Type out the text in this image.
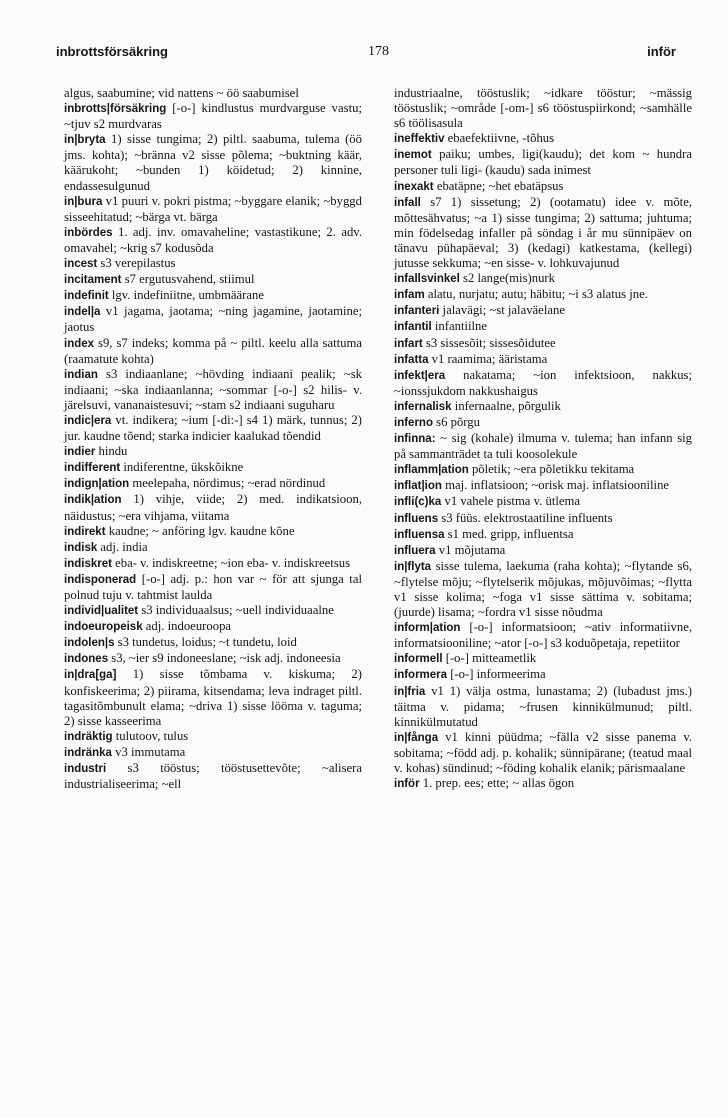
inbrottsförsäkring	178	inför

algus, saabumine; vid nattens ~ öö saabumisel

inbrotts|försäkring [-o-] kindlustus murdvarguse vastu; ~tjuv s2 murdvaras

in|bryta 1) sisse tungima; 2) piltl. saabuma, tulema (öö jms. kohta); ~bränna v2 sisse põlema; ~buktning käär, käärukoht; ~bunden 1) köidetud; 2) kinnine, endassesulgunud

in|bura v1 puuri v. pokri pistma; ~byggare elanik; ~byggd sisseehitatud; ~bärga vt. bärga

inbördes 1. adj. inv. omavaheline; vastastikune; 2. adv. omavahel; ~krig s7 kodusõda

incest s3 verepilastus

incitament s7 ergutusvahend, stiimul

indefinit lgv. indefiniitne, umbmäärane

indel|a v1 jagama, jaotama; ~ning jagamine, jaotamine; jaotus

index s9, s7 indeks; komma på ~ piltl. keelu alla sattuma (raamatute kohta)

indian s3 indiaanlane; ~hövding indiaani pealik; ~sk indiaani; ~ska indiaanlanna; ~sommar [-o-] s2 hilis- v. järelsuvi, vananaistesuvi; ~stam s2 indiaani suguharu

indic|era vt. indikera; ~ium [-di:-] s4 1) märk, tunnus; 2) jur. kaudne tõend; starka indicier kaalukad tõendid

indier hindu

indifferent indiferentne, ükskõikne

indign|ation meelepaha, nördimus; ~erad nördinud

indik|ation 1) vihje, viide; 2) med. indikatsioon, näidustus; ~era vihjama, viitama

indirekt kaudne; ~ anföring lgv. kaudne kõne

indisk adj. india

indiskret eba- v. indiskreetne; ~ion eba- v. indiskreetsus

indisponerad [-o-] adj. p.: hon var ~ för att sjunga tal polnud tuju v. tahtmist laulda

individ|ualitet s3 individuaalsus; ~uell individuaalne

indoeuropeisk adj. indoeuroopa

indolen|s s3 tundetus, loidus; ~t tundetu, loid

indones s3, ~ier s9 indoneeslane; ~isk adj. indoneesia

in|dra[ga] 1) sisse tõmbama v. kiskuma; 2) konfiskeerima; 2) piirama, kitsendama; leva indraget piltl. tagasitõmbunult elama; ~driva 1) sisse lööma v. taguma; 2) sisse kasseerima

indräktig tulutoov, tulus

indränka v3 immutama

industri s3 tööstus; tööstusettevõte; ~alisera industrialiseerima; ~ell

industriaalne, tööstuslik; ~idkare tööstur; ~mässig tööstuslik; ~område [-om-] s6 tööstuspiirkond; ~samhälle s6 töölisasula

ineffektiv ebaefektiivne, -tõhus

inemot paiku; umbes, ligi(kaudu); det kom ~ hundra personer tuli ligi- (kaudu) sada inimest

inexakt ebatäpne; ~het ebatäpsus

infall s7 1) sissetung; 2) (ootamatu) idee v. mõte, mõttesähvatus; ~a 1) sisse tungima; 2) sattuma; juhtuma; min födelsedag infaller på söndag i år mu sünnipäev on tänavu pühapäeval; 3) (kedagi) katkestama, (kellegi) jutusse sekkuma; ~en sisse- v. lohkuvajunud

infallsvinkel s2 lange(mis)nurk

infam alatu, nurjatu; autu; häbitu; ~i s3 alatus jne.

infanteri jalavägi; ~st jalaväelane

infantil infantiilne

infart s3 sissesõit; sissesõidutee

infatta v1 raamima; ääristama

infekt|era nakatama; ~ion infektsioon, nakkus; ~ionssjukdom nakkushaigus

infernalisk infernaalne, põrgulik

inferno s6 põrgu

infinna: ~ sig (kohale) ilmuma v. tulema; han infann sig på sammanträdet ta tuli koosolekule

inflamm|ation põletik; ~era põletikku tekitama

inflat|ion maj. inflatsioon; ~orisk maj. inflatsiooniline

infli(c)ka v1 vahele pistma v. ütlema

influens s3 füüs. elektrostaatiline influents

influensa s1 med. gripp, influentsa

influera v1 mõjutama

in|flyta sisse tulema, laekuma (raha kohta); ~flytande s6, ~flytelse mõju; ~flytelserik mõjukas, mõjuvõimas; ~flytta v1 sisse kolima; ~foga v1 sisse sättima v. sobitama; (juurde) lisama; ~fordra v1 sisse nõudma

inform|ation [-o-] informatsioon; ~ativ informatiivne, informatsiooniline; ~ator [-o-] s3 koduõpetaja, repetiitor

informell [-o-] mitteametlik

informera [-o-] informeerima

in|fria v1 1) välja ostma, lunastama; 2) (lubadust jms.) täitma v. pidama; ~frusen kinnikülmunud; piltl. kinnikülmutatud

in|fånga v1 kinni püüdma; ~fälla v2 sisse panema v. sobitama; ~född adj. p. kohalik; sünnipärane; (teatud maal v. kohas) sündinud; ~föding kohalik elanik; pärismaalane

inför 1. prep. ees; ette; ~ allas ögon
